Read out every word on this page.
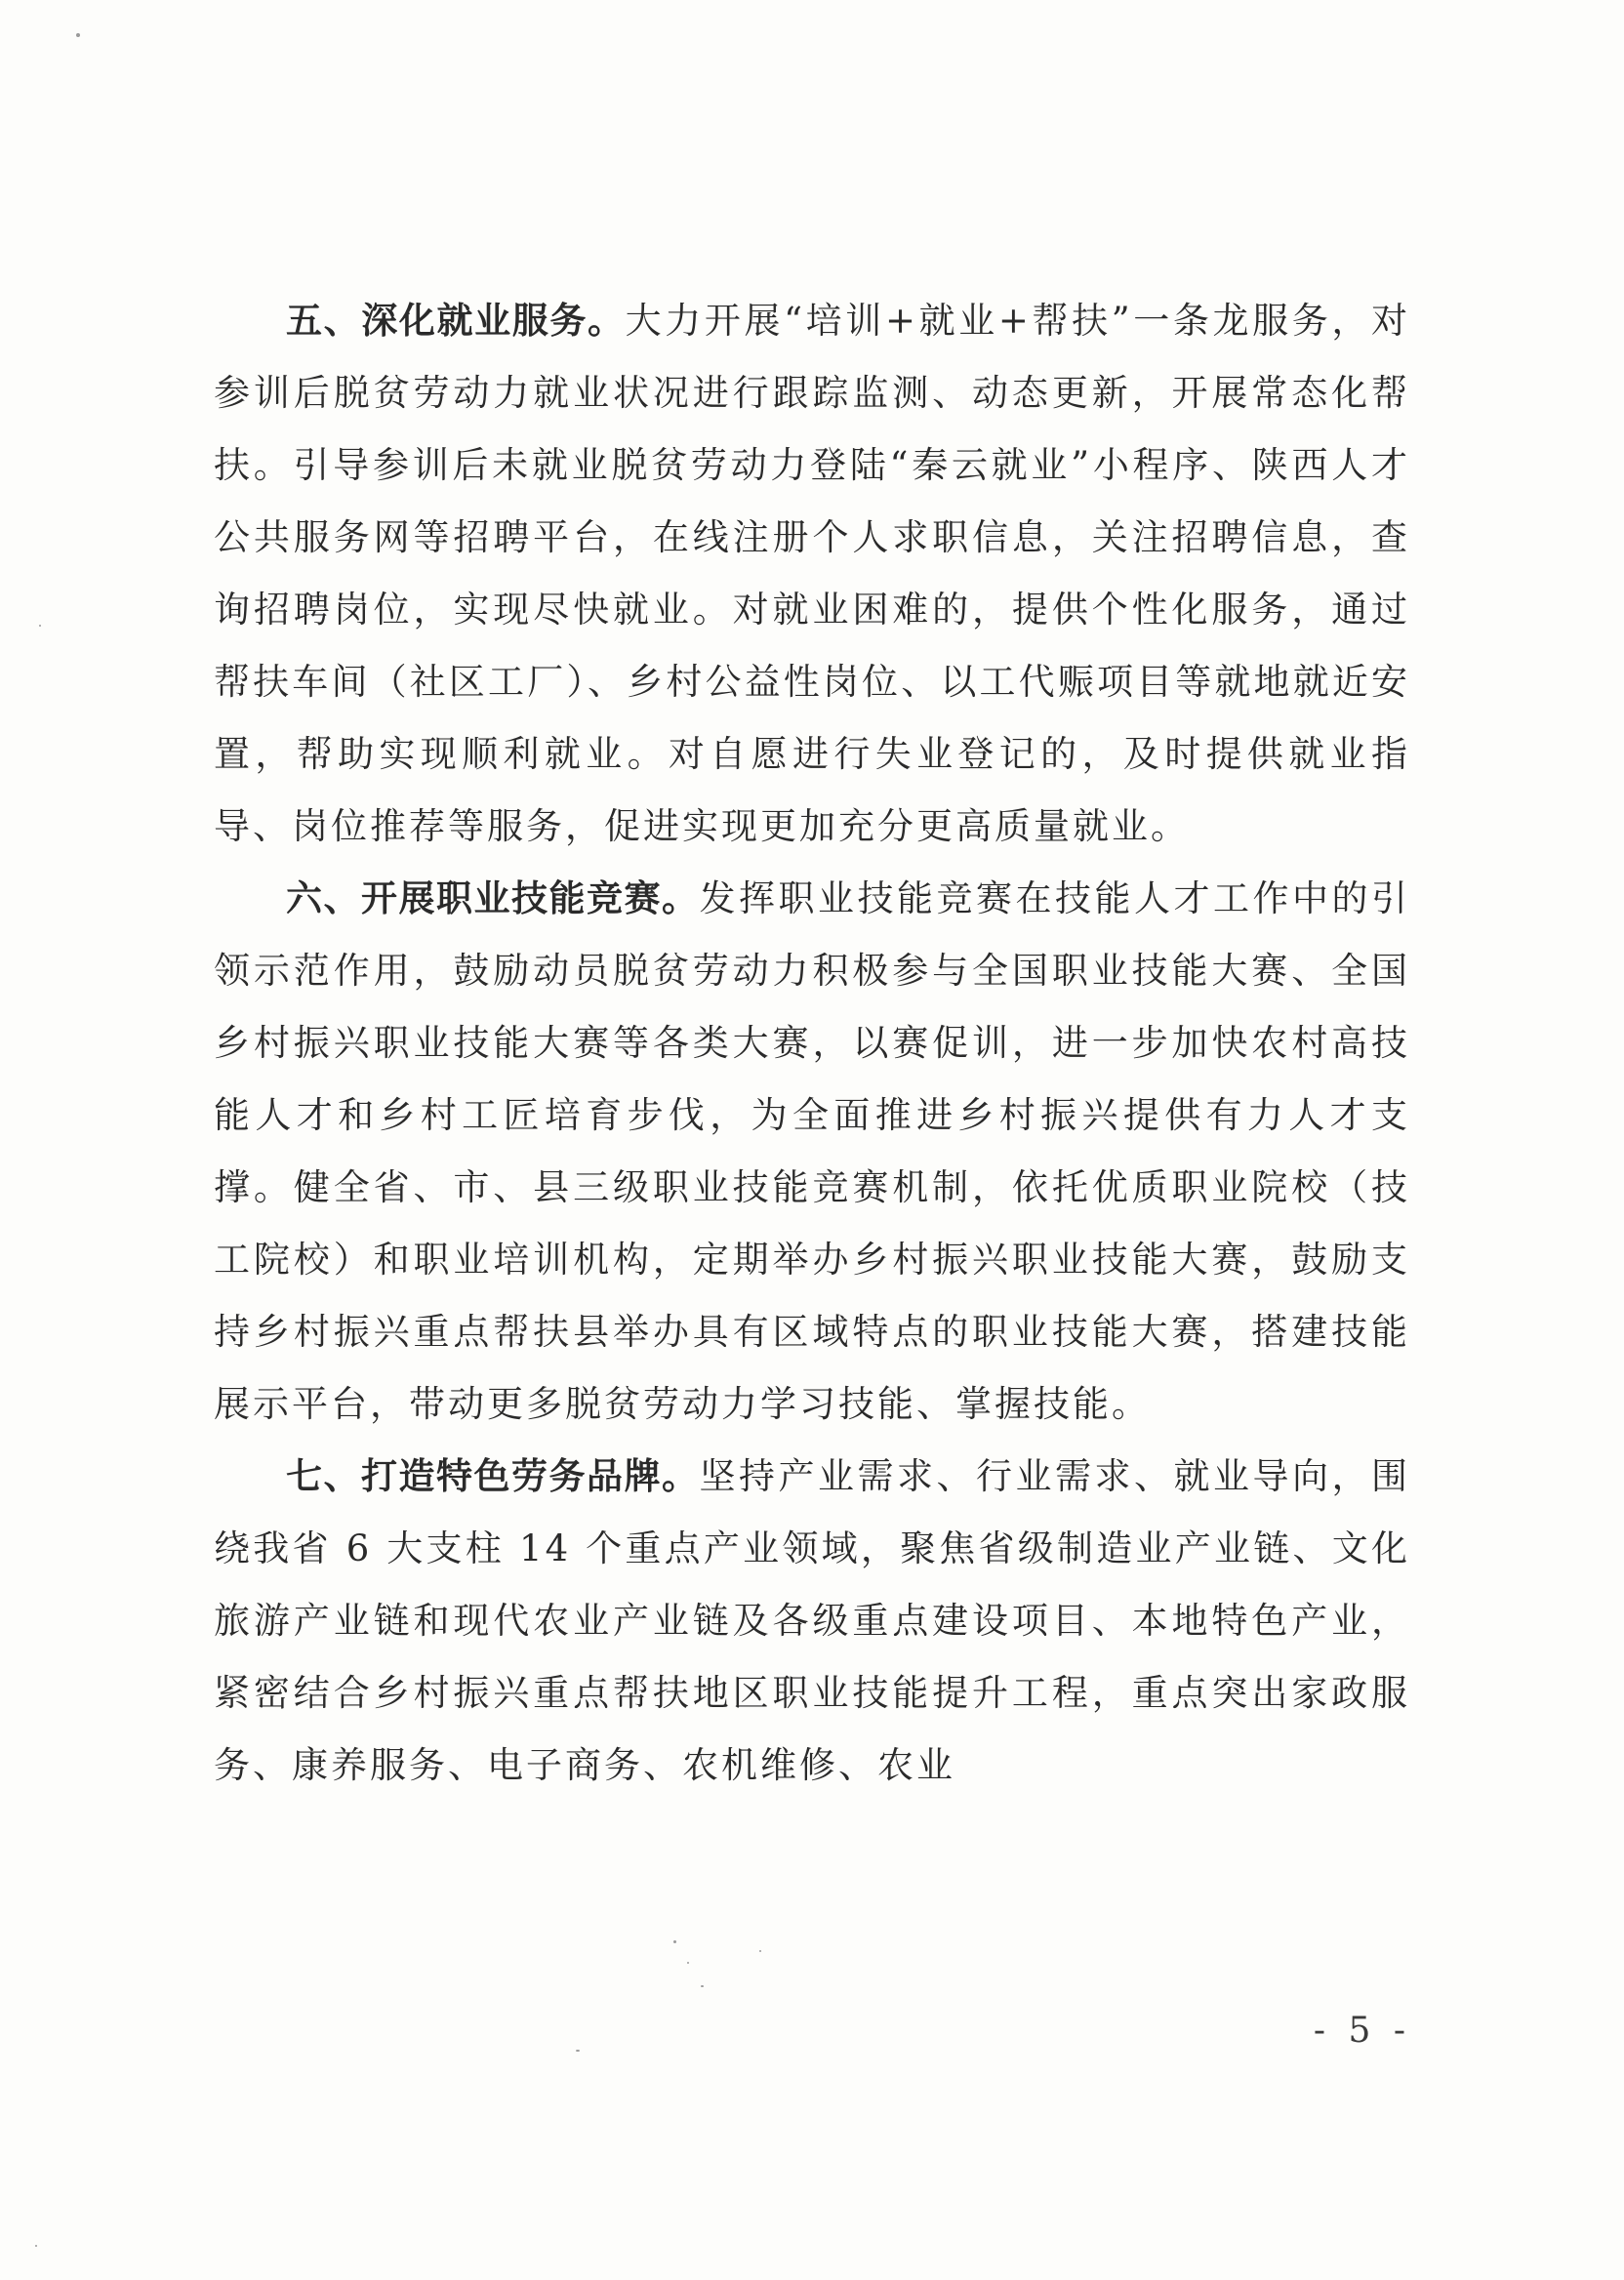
五、深化就业服务。大力开展“培训+就业+帮扶”一条龙服务，对参训后脱贫劳动力就业状况进行跟踪监测、动态更新，开展常态化帮扶。引导参训后未就业脱贫劳动力登陆“秦云就业”小程序、陕西人才公共服务网等招聘平台，在线注册个人求职信息，关注招聘信息，查询招聘岗位，实现尽快就业。对就业困难的，提供个性化服务，通过帮扶车间（社区工厂）、乡村公益性岗位、以工代赈项目等就地就近安置，帮助实现顺利就业。对自愿进行失业登记的，及时提供就业指导、岗位推荐等服务，促进实现更加充分更高质量就业。

六、开展职业技能竞赛。发挥职业技能竞赛在技能人才工作中的引领示范作用，鼓励动员脱贫劳动力积极参与全国职业技能大赛、全国乡村振兴职业技能大赛等各类大赛，以赛促训，进一步加快农村高技能人才和乡村工匠培育步伐，为全面推进乡村振兴提供有力人才支撑。健全省、市、县三级职业技能竞赛机制，依托优质职业院校（技工院校）和职业培训机构，定期举办乡村振兴职业技能大赛，鼓励支持乡村振兴重点帮扶县举办具有区域特点的职业技能大赛，搭建技能展示平台，带动更多脱贫劳动力学习技能、掌握技能。

七、打造特色劳务品牌。坚持产业需求、行业需求、就业导向，围绕我省 6 大支柱 14 个重点产业领域，聚焦省级制造业产业链、文化旅游产业链和现代农业产业链及各级重点建设项目、本地特色产业，紧密结合乡村振兴重点帮扶地区职业技能提升工程，重点突出家政服务、康养服务、电子商务、农机维修、农业

- 5 -
